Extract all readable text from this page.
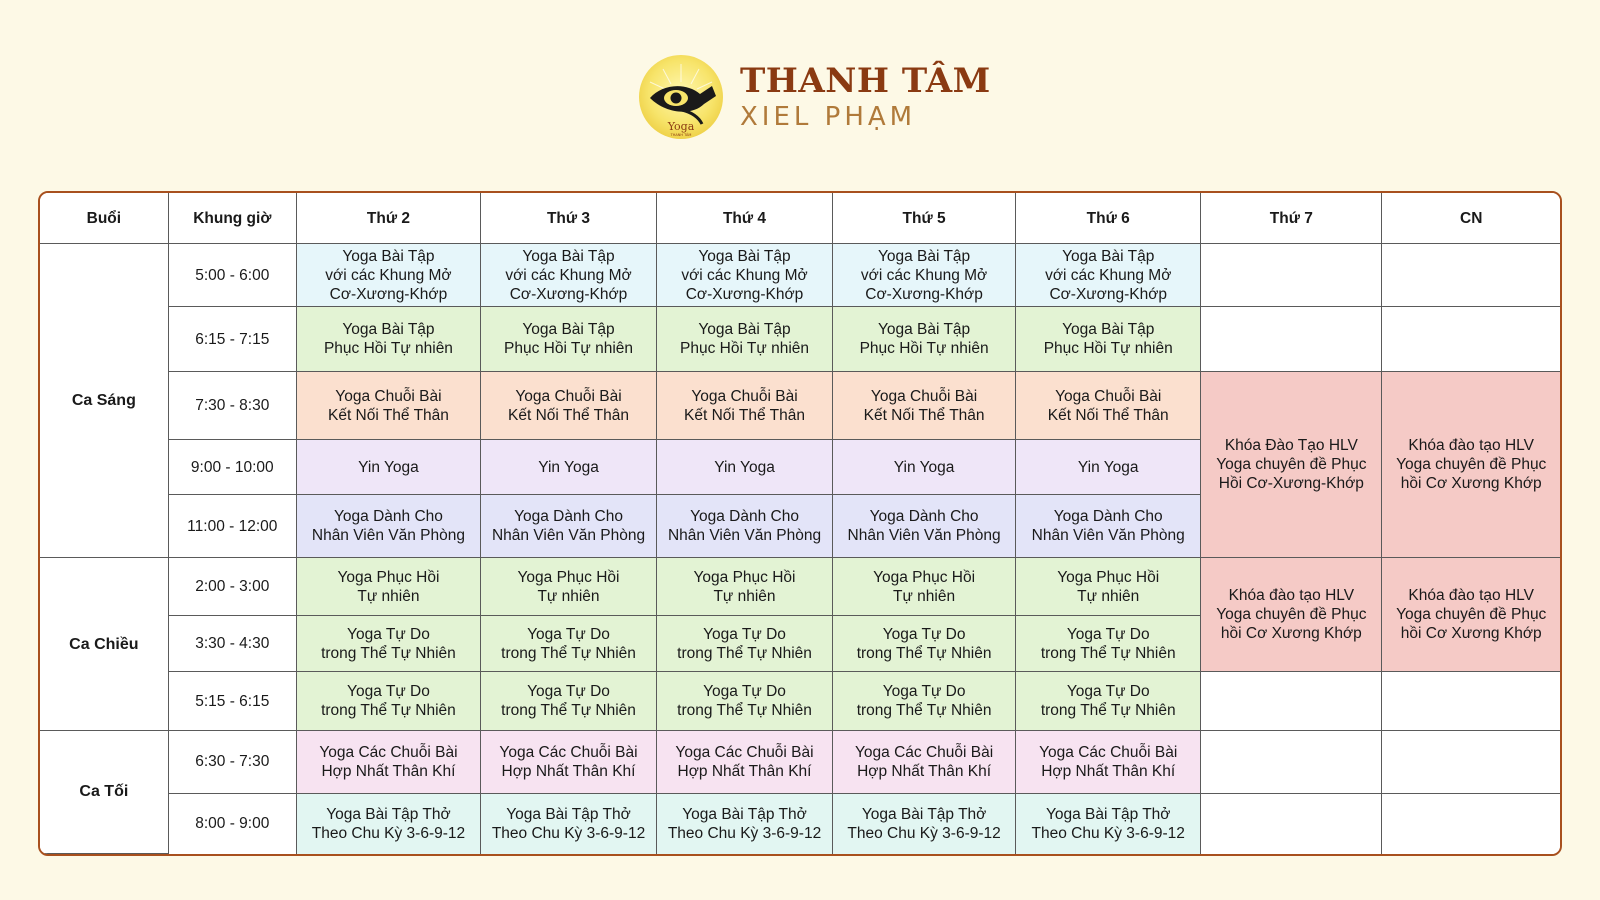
Yoga
THANH TÂM
THANH TÂM
XIEL PHẠM
Buổi	Khung giờ	Thứ 2	Thứ 3	Thứ 4	Thứ 5	Thứ 6	Thứ 7	CN
Ca Sáng	5:00 - 6:00	Yoga Bài Tập
với các Khung Mở
Cơ-Xương-Khớp	Yoga Bài Tập
với các Khung Mở
Cơ-Xương-Khớp	Yoga Bài Tập
với các Khung Mở
Cơ-Xương-Khớp	Yoga Bài Tập
với các Khung Mở
Cơ-Xương-Khớp	Yoga Bài Tập
với các Khung Mở
Cơ-Xương-Khớp		
	6:15 - 7:15	Yoga Bài Tập
Phục Hồi Tự nhiên	Yoga Bài Tập
Phục Hồi Tự nhiên	Yoga Bài Tập
Phục Hồi Tự nhiên	Yoga Bài Tập
Phục Hồi Tự nhiên	Yoga Bài Tập
Phục Hồi Tự nhiên		
	7:30 - 8:30	Yoga Chuỗi Bài
Kết Nối Thể Thân	Yoga Chuỗi Bài
Kết Nối Thể Thân	Yoga Chuỗi Bài
Kết Nối Thể Thân	Yoga Chuỗi Bài
Kết Nối Thể Thân	Yoga Chuỗi Bài
Kết Nối Thể Thân	Khóa Đào Tạo HLV
Yoga chuyên đề Phục
Hồi Cơ-Xương-Khớp	Khóa đào tạo HLV
Yoga chuyên đề Phục
hồi Cơ Xương Khớp
	9:00 - 10:00	Yin Yoga	Yin Yoga	Yin Yoga	Yin Yoga	Yin Yoga		
	11:00 - 12:00	Yoga Dành Cho
Nhân Viên Văn Phòng	Yoga Dành Cho
Nhân Viên Văn Phòng	Yoga Dành Cho
Nhân Viên Văn Phòng	Yoga Dành Cho
Nhân Viên Văn Phòng	Yoga Dành Cho
Nhân Viên Văn Phòng		
Ca Chiều	2:00 - 3:00	Yoga Phục Hồi
Tự nhiên	Yoga Phục Hồi
Tự nhiên	Yoga Phục Hồi
Tự nhiên	Yoga Phục Hồi
Tự nhiên	Yoga Phục Hồi
Tự nhiên	Khóa đào tạo HLV
Yoga chuyên đề Phục
hồi Cơ Xương Khớp	Khóa đào tạo HLV
Yoga chuyên đề Phục
hồi Cơ Xương Khớp
	3:30 - 4:30	Yoga Tự Do
trong Thể Tự Nhiên	Yoga Tự Do
trong Thể Tự Nhiên	Yoga Tự Do
trong Thể Tự Nhiên	Yoga Tự Do
trong Thể Tự Nhiên	Yoga Tự Do
trong Thể Tự Nhiên		
	5:15 - 6:15	Yoga Tự Do
trong Thể Tự Nhiên	Yoga Tự Do
trong Thể Tự Nhiên	Yoga Tự Do
trong Thể Tự Nhiên	Yoga Tự Do
trong Thể Tự Nhiên	Yoga Tự Do
trong Thể Tự Nhiên		
Ca Tối	6:30 - 7:30	Yoga Các Chuỗi Bài
Hợp Nhất Thân Khí	Yoga Các Chuỗi Bài
Hợp Nhất Thân Khí	Yoga Các Chuỗi Bài
Hợp Nhất Thân Khí	Yoga Các Chuỗi Bài
Hợp Nhất Thân Khí	Yoga Các Chuỗi Bài
Hợp Nhất Thân Khí		
	8:00 - 9:00	Yoga Bài Tập Thở
Theo Chu Kỳ 3-6-9-12	Yoga Bài Tập Thở
Theo Chu Kỳ 3-6-9-12	Yoga Bài Tập Thở
Theo Chu Kỳ 3-6-9-12	Yoga Bài Tập Thở
Theo Chu Kỳ 3-6-9-12	Yoga Bài Tập Thở
Theo Chu Kỳ 3-6-9-12		
